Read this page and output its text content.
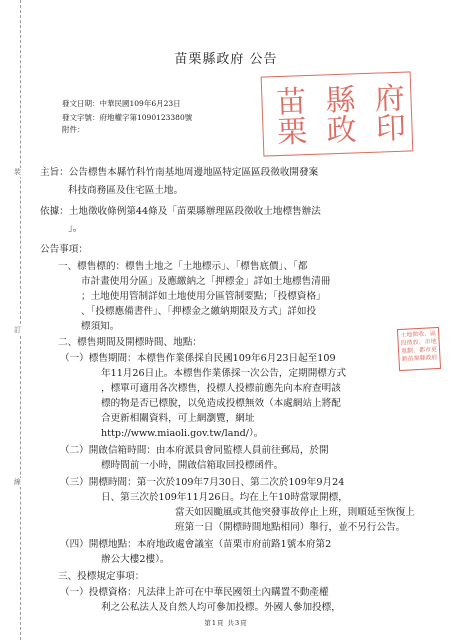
裝
訂
線
苗栗縣政府 公告
發文日期：中華民國109年6月23日
發文字號：府地權字第1090123380號
附件：	苗栗 縣政 府印
土地徵收、區段徵收、市地重劃、都市更新苗栗縣政府
主旨：公告標售本縣竹科竹南基地周邊地區特定區區段徵收開發案
科技商務區及住宅區土地。
依據：土地徵收條例第44條及「苗栗縣辦理區段徵收土地標售辦法
」。
公告事項：
一、標售標的：標售土地之「土地標示」、「標售底價」、「都
市計畫使用分區」及應繳納之「押標金」詳如土地標售清冊
；土地使用管制詳如土地使用分區管制要點；「投標資格」
、「投標應備書件」、「押標金之繳納期限及方式」詳如投
標須知。
二、標售期間及開標時間、地點：
（一）標售期間：本標售作業係採自民國109年6月23日起至109
年11月26日止。本標售作業係採一次公告，定期開標方式
，標單可適用各次標售，投標人投標前應先向本府查明該
標的物是否已標脫，以免造成投標無效（本處網站上將配
合更新相關資料，可上網瀏覽，網址
http://www.miaoli.gov.tw/land/）。
（二）開啟信箱時間：由本府派員會同監標人員前往郵局，於開
標時間前一小時，開啟信箱取回投標函件。
（三）開標時間：第一次於109年7月30日、第二次於109年9月24
日、第三次於109年11月26日。均在上午10時當眾開標，
當天如因颱風或其他突發事故停止上班，則順延至恢復上
班第一日（開標時間地點相同）舉行，並不另行公告。
（四）開標地點：本府地政處會議室（苗栗市府前路1號本府第2
辦公大樓2樓）。
三、投標規定事項：
（一）投標資格：凡法律上許可在中華民國領土內購置不動產權
利之公私法人及自然人均可參加投標。外國人參加投標，
第1頁 共3頁
